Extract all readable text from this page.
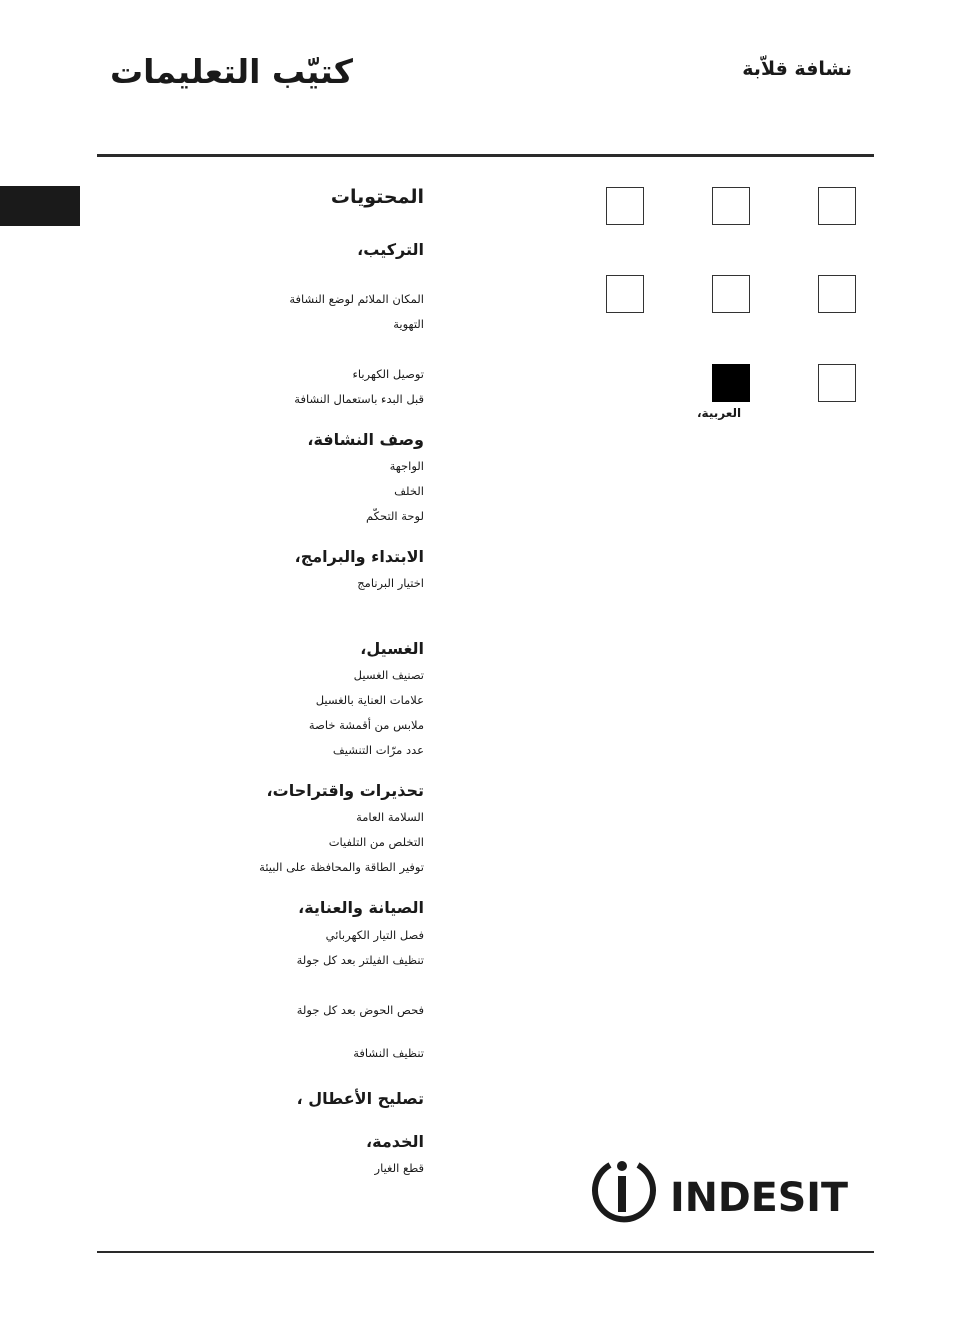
كتيّب التعليمات	نشافة قلاّبة
المحتويات
التركيب،
المكان الملائم لوضع النشافة
التهوية
توصيل الكهرباء
قبل البدء باستعمال النشافة
وصف النشافة،
الواجهة
الخلف
لوحة التحكّم
الابتداء والبرامج،
اختيار البرنامج
الغسيل،
تصنيف الغسيل
علامات العناية بالغسيل
ملابس من أقمشة خاصة
عدد مرّات التنشيف
تحذيرات واقتراحات،
السلامة العامة
التخلص من التلفيات
توفير الطاقة والمحافظة على البيئة
الصيانة والعناية،
فصل التيار الكهربائي
تنظيف الفيلتر بعد كل جولة
فحص الحوض بعد كل جولة
تنظيف النشافة
تصليح الأعطال ،
الخدمة،
قطع الغيار
العربية،
INDESIT
